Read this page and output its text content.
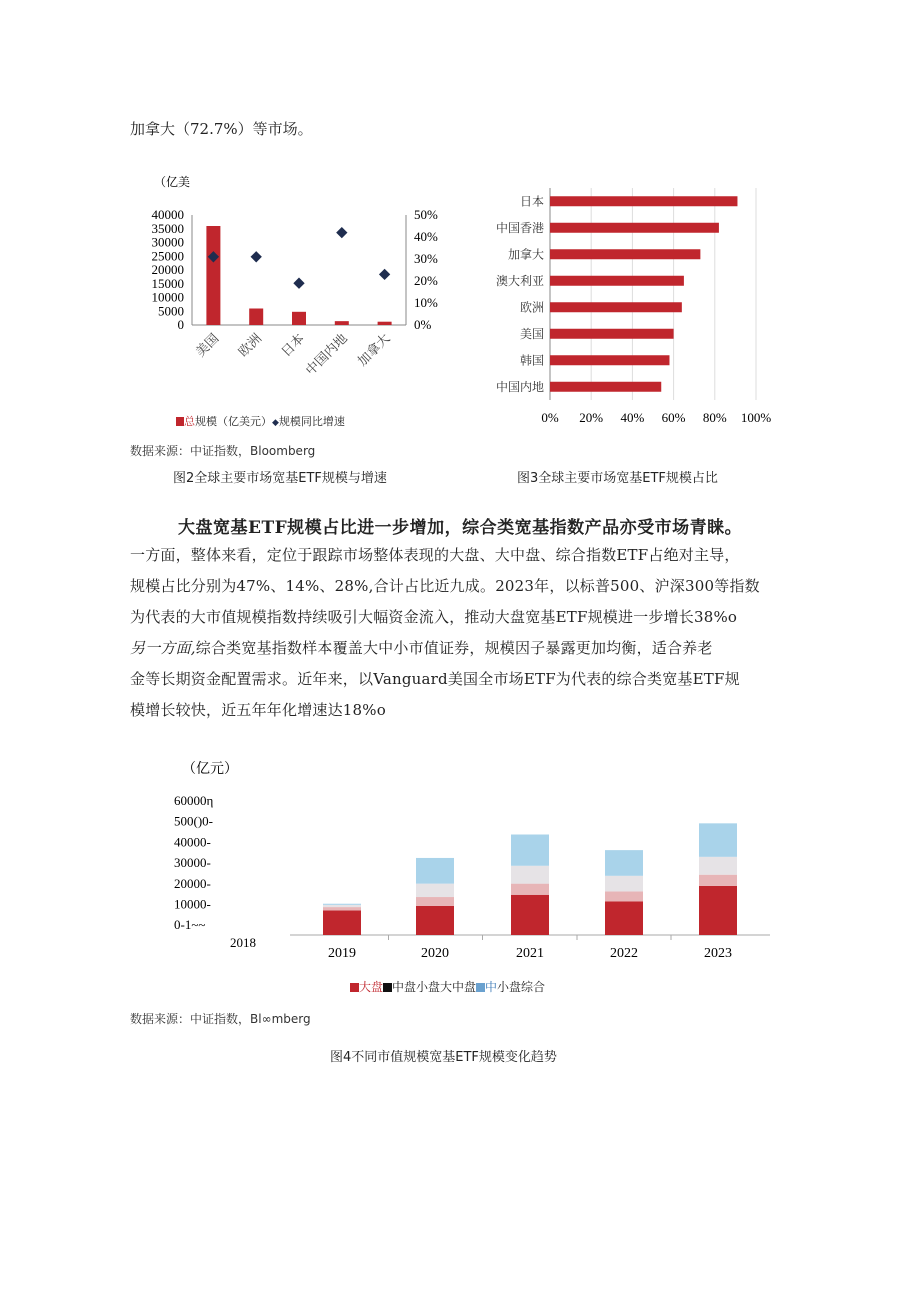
加拿大（72.7%）等市场。
（亿美
40000
35000
30000
25000
20000
15000
10000
5000
0
50%
40%
30%
20%
10%
0%
美国 欧洲 日本
中国内地 加拿大
总规模（亿美元）◆规模同比增速
数据来源：中证指数，Bloomberg
图2全球主要市场宽基ETF规模与增速
日本
中国香港
加拿大
澳大利亚
欧洲
美国
韩国
中国内地
0% 20% 40% 60% 80% 100%
图3全球主要市场宽基ETF规模占比
大盘宽基ETF规模占比进一步增加，综合类宽基指数产品亦受市场青睐。
一方面，整体来看，定位于跟踪市场整体表现的大盘、大中盘、综合指数ETF占绝对主导，
规模占比分别为47%、14%、28%,合计占比近九成。2023年，以标普500、沪深300等指数
为代表的大市值规模指数持续吸引大幅资金流入，推动大盘宽基ETF规模进一步增长38%o
另一方面,综合类宽基指数样本覆盖大中小市值证券，规模因子暴露更加均衡，适合养老
金等长期资金配置需求。近年来，以Vanguard美国全市场ETF为代表的综合类宽基ETF规
模增长较快，近五年年化增速达18%o
（亿元）
60000η
500()0-
40000-
30000-
20000-
10000-
0-1~~
2018
2019	2020	2021	2022	2023
大盘 中盘小盘大中盘 中小盘综合
数据来源：中证指数，Bl∞mberg
图4不同市值规模宽基ETF规模变化趋势
